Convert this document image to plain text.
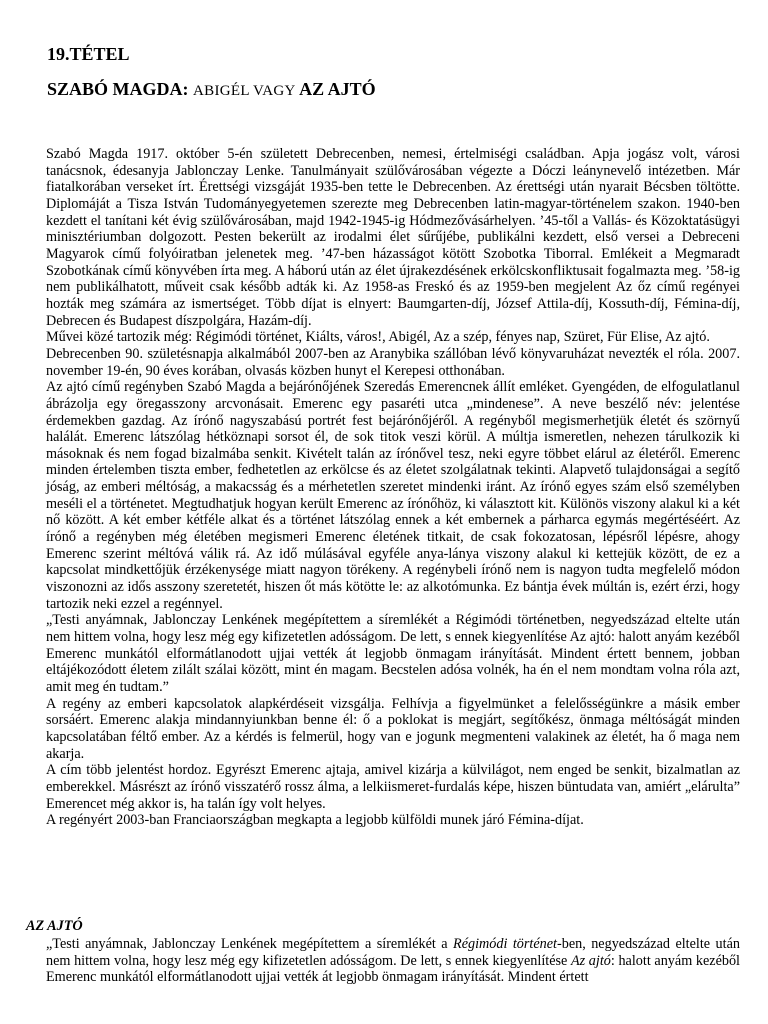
19.TÉTEL
SZABÓ MAGDA: ABIGÉL VAGY AZ AJTÓ

Szabó Magda 1917. október 5-én született Debrecenben, nemesi, értelmiségi családban. Apja jogász volt, városi tanácsnok, édesanyja Jablonczay Lenke. Tanulmányait szülővárosában végezte a Dóczi leánynevelő intézetben. Már fiatalkorában verseket írt. Érettségi vizsgáját 1935-ben tette le Debrecenben. Az érettségi után nyarait Bécsben töltötte. Diplomáját a Tisza István Tudományegyetemen szerezte meg Debrecenben latin-magyar-történelem szakon. 1940-ben kezdett el tanítani két évig szülővárosában, majd 1942-1945-ig Hódmezővásárhelyen. ’45-től a Vallás- és Közoktatásügyi minisztériumban dolgozott. Pesten bekerült az irodalmi élet sűrűjébe, publikálni kezdett, első versei a Debreceni Magyarok című folyóiratban jelenetek meg. ’47-ben házasságot kötött Szobotka Tiborral. Emlékeit a Megmaradt Szobotkának című könyvében írta meg. A háború után az élet újrakezdésének erkölcskonfliktusait fogalmazta meg. ’58-ig nem publikálhatott, műveit csak később adták ki. Az 1958-as Freskó és az 1959-ben megjelent Az őz című regényei hozták meg számára az ismertséget. Több díjat is elnyert: Baumgarten-díj, József Attila-díj, Kossuth-díj, Fémina-díj, Debrecen és Budapest díszpolgára, Hazám-díj.

Művei közé tartozik még: Régimódi történet, Kiálts, város!, Abigél, Az a szép, fényes nap, Szüret, Für Elise, Az ajtó.

Debrecenben 90. születésnapja alkalmából 2007-ben az Aranybika szállóban lévő könyvaruházat nevezték el róla. 2007. november 19-én, 90 éves korában, olvasás közben hunyt el Kerepesi otthonában.

Az ajtó című regényben Szabó Magda a bejárónőjének Szeredás Emerencnek állít emléket. Gyengéden, de elfogulatlanul ábrázolja egy öregasszony arcvonásait. Emerenc egy pasaréti utca „mindenese”. A neve beszélő név: jelentése érdemekben gazdag. Az írónő nagyszabású portrét fest bejárónőjéről. A regényből megismerhetjük életét és szörnyű halálát. Emerenc látszólag hétköznapi sorsot él, de sok titok veszi körül. A múltja ismeretlen, nehezen tárulkozik ki másoknak és nem fogad bizalmába senkit. Kivételt talán az írónővel tesz, neki egyre többet elárul az életéről. Emerenc minden értelemben tiszta ember, fedhetetlen az erkölcse és az életet szolgálatnak tekinti. Alapvető tulajdonságai a segítő jóság, az emberi méltóság, a makacsság és a mérhetetlen szeretet mindenki iránt. Az írónő egyes szám első személyben meséli el a történetet. Megtudhatjuk hogyan került Emerenc az írónőhöz, ki választott kit. Különös viszony alakul ki a két nő között. A két ember kétféle alkat és a történet látszólag ennek a két embernek a párharca egymás megértéséért. Az írónő a regényben még életében megismeri Emerenc életének titkait, de csak fokozatosan, lépésről lépésre, ahogy Emerenc szerint méltóvá válik rá. Az idő múlásával egyféle anya-lánya viszony alakul ki kettejük között, de ez a kapcsolat mindkettőjük érzékenysége miatt nagyon törékeny. A regénybeli írónő nem is nagyon tudta megfelelő módon viszonozni az idős asszony szeretetét, hiszen őt más kötötte le: az alkotómunka. Ez bántja évek múltán is, ezért érzi, hogy tartozik neki ezzel a regénnyel.

„Testi anyámnak, Jablonczay Lenkének megépítettem a síremlékét a Régimódi történetben, negyedszázad eltelte után nem hittem volna, hogy lesz még egy kifizetetlen adósságom. De lett, s ennek kiegyenlítése Az ajtó: halott anyám kezéből Emerenc munkától elformátlanodott ujjai vették át legjobb önmagam irányítását. Mindent értett bennem, jobban eltájékozódott életem zilált szálai között, mint én magam. Becstelen adósa volnék, ha én el nem mondtam volna róla azt, amit meg én tudtam.”

A regény az emberi kapcsolatok alapkérdéseit vizsgálja. Felhívja a figyelmünket a felelősségünkre a másik ember sorsáért. Emerenc alakja mindannyiunkban benne él: ő a poklokat is megjárt, segítőkész, önmaga méltóságát minden kapcsolatában féltő ember. Az a kérdés is felmerül, hogy van e jogunk megmenteni valakinek az életét, ha ő maga nem akarja.

A cím több jelentést hordoz. Egyrészt Emerenc ajtaja, amivel kizárja a külvilágot, nem enged be senkit, bizalmatlan az emberekkel. Másrészt az írónő visszatérő rossz álma, a lelkiismeret-furdalás képe, hiszen büntudata van, amiért „elárulta” Emerencet még akkor is, ha talán így volt helyes.

A regényért 2003-ban Franciaországban megkapta a legjobb külföldi munek járó Fémina-díjat.

AZ AJTÓ

„Testi anyámnak, Jablonczay Lenkének megépítettem a síremlékét a Régimódi történet-ben, negyedszázad eltelte után nem hittem volna, hogy lesz még egy kifizetetlen adósságom. De lett, s ennek kiegyenlítése Az ajtó: halott anyám kezéből Emerenc munkától elformátlanodott ujjai vették át legjobb önmagam irányítását. Mindent értett
